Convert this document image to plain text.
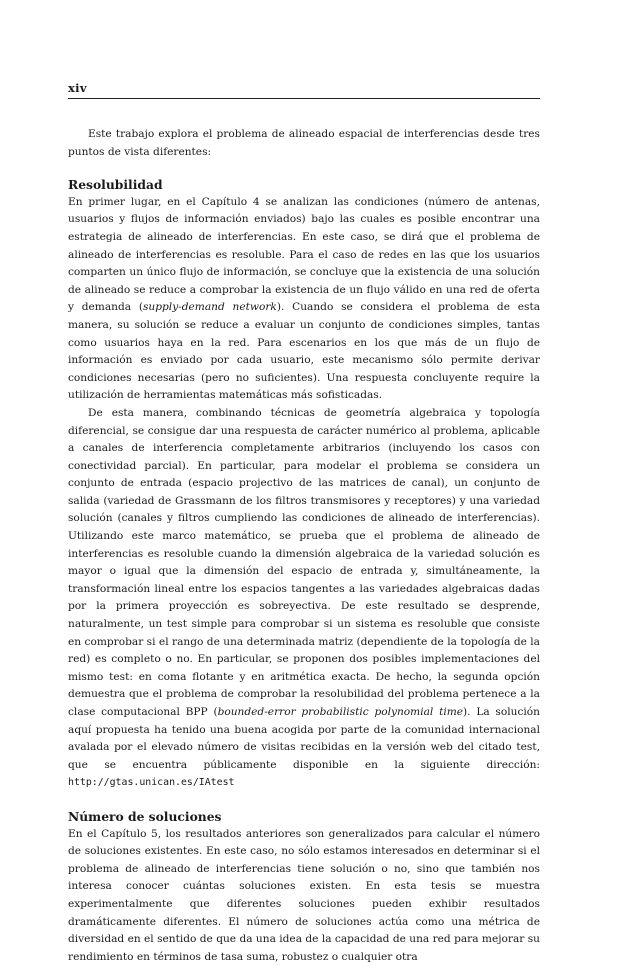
xiv

Este trabajo explora el problema de alineado espacial de interferencias desde tres puntos de vista diferentes:

Resolubilidad

En primer lugar, en el Capítulo 4 se analizan las condiciones (número de antenas, usuarios y flujos de información enviados) bajo las cuales es posible encontrar una estrategia de alineado de interferencias. En este caso, se dirá que el problema de alineado de interferencias es resoluble. Para el caso de redes en las que los usuarios comparten un único flujo de información, se concluye que la existencia de una solución de alineado se reduce a comprobar la existencia de un flujo válido en una red de oferta y demanda (supply-demand network). Cuando se considera el problema de esta manera, su solución se reduce a evaluar un conjunto de condiciones simples, tantas como usuarios haya en la red. Para escenarios en los que más de un flujo de información es enviado por cada usuario, este mecanismo sólo permite derivar condiciones necesarias (pero no suficientes). Una respuesta concluyente require la utilización de herramientas matemáticas más sofisticadas.

De esta manera, combinando técnicas de geometría algebraica y topología diferencial, se consigue dar una respuesta de carácter numérico al problema, aplicable a canales de interferencia completamente arbitrarios (incluyendo los casos con conectividad parcial). En particular, para modelar el problema se considera un conjunto de entrada (espacio projectivo de las matrices de canal), un conjunto de salida (variedad de Grassmann de los filtros transmisores y receptores) y una variedad solución (canales y filtros cumpliendo las condiciones de alineado de interferencias). Utilizando este marco matemático, se prueba que el problema de alineado de interferencias es resoluble cuando la dimensión algebraica de la variedad solución es mayor o igual que la dimensión del espacio de entrada y, simultáneamente, la transformación lineal entre los espacios tangentes a las variedades algebraicas dadas por la primera proyección es sobreyectiva. De este resultado se desprende, naturalmente, un test simple para comprobar si un sistema es resoluble que consiste en comprobar si el rango de una determinada matriz (dependiente de la topología de la red) es completo o no. En particular, se proponen dos posibles implementaciones del mismo test: en coma flotante y en aritmética exacta. De hecho, la segunda opción demuestra que el problema de comprobar la resolubilidad del problema pertenece a la clase computacional BPP (bounded-error probabilistic polynomial time). La solución aquí propuesta ha tenido una buena acogida por parte de la comunidad internacional avalada por el elevado número de visitas recibidas en la versión web del citado test, que se encuentra públicamente disponible en la siguiente dirección: http://gtas.unican.es/IAtest

Número de soluciones

En el Capítulo 5, los resultados anteriores son generalizados para calcular el número de soluciones existentes. En este caso, no sólo estamos interesados en determinar si el problema de alineado de interferencias tiene solución o no, sino que también nos interesa conocer cuántas soluciones existen. En esta tesis se muestra experimentalmente que diferentes soluciones pueden exhibir resultados dramáticamente diferentes. El número de soluciones actúa como una métrica de diversidad en el sentido de que da una idea de la capacidad de una red para mejorar su rendimiento en términos de tasa suma, robustez o cualquier otra
